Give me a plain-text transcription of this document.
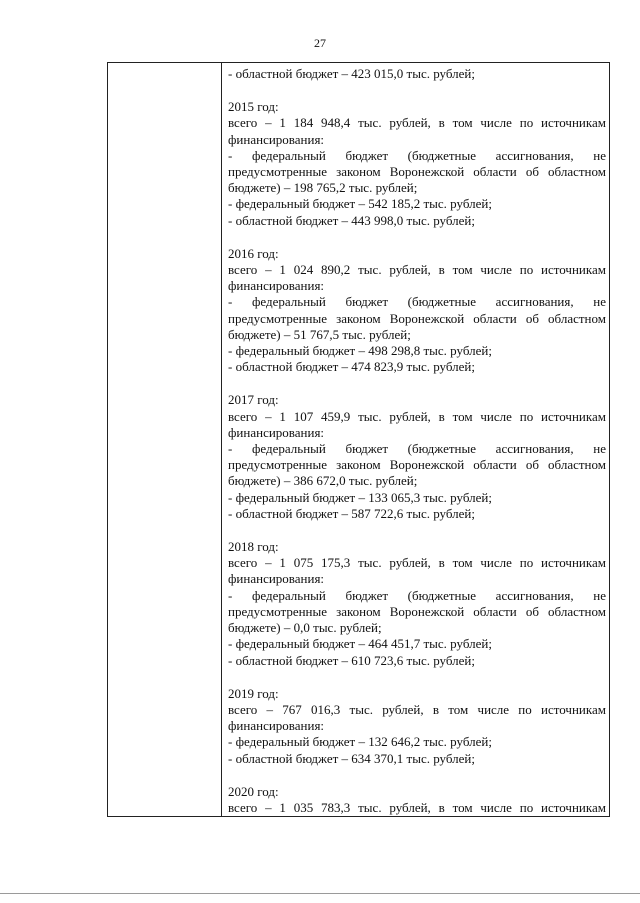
27
- областной бюджет – 423 015,0 тыс. рублей;
2015 год:
всего – 1 184 948,4 тыс. рублей, в том числе по источникам
финансирования:
- федеральный бюджет (бюджетные ассигнования, не
предусмотренные законом Воронежской области об областном
бюджете) – 198 765,2 тыс. рублей;
- федеральный бюджет – 542 185,2 тыс. рублей;
- областной бюджет – 443 998,0 тыс. рублей;
2016 год:
всего – 1 024 890,2 тыс. рублей, в том числе по источникам
финансирования:
- федеральный бюджет (бюджетные ассигнования, не
предусмотренные законом Воронежской области об областном
бюджете) – 51 767,5 тыс. рублей;
- федеральный бюджет – 498 298,8 тыс. рублей;
- областной бюджет – 474 823,9 тыс. рублей;
2017 год:
всего – 1 107 459,9 тыс. рублей, в том числе по источникам
финансирования:
- федеральный бюджет (бюджетные ассигнования, не
предусмотренные законом Воронежской области об областном
бюджете) – 386 672,0 тыс. рублей;
- федеральный бюджет – 133 065,3 тыс. рублей;
- областной бюджет – 587 722,6 тыс. рублей;
2018 год:
всего – 1 075 175,3 тыс. рублей, в том числе по источникам
финансирования:
- федеральный бюджет (бюджетные ассигнования, не
предусмотренные законом Воронежской области об областном
бюджете) – 0,0 тыс. рублей;
- федеральный бюджет – 464 451,7 тыс. рублей;
- областной бюджет – 610 723,6 тыс. рублей;
2019 год:
всего – 767 016,3 тыс. рублей, в том числе по источникам
финансирования:
- федеральный бюджет – 132 646,2 тыс. рублей;
- областной бюджет – 634 370,1 тыс. рублей;
2020 год:
всего – 1 035 783,3 тыс. рублей, в том числе по источникам
